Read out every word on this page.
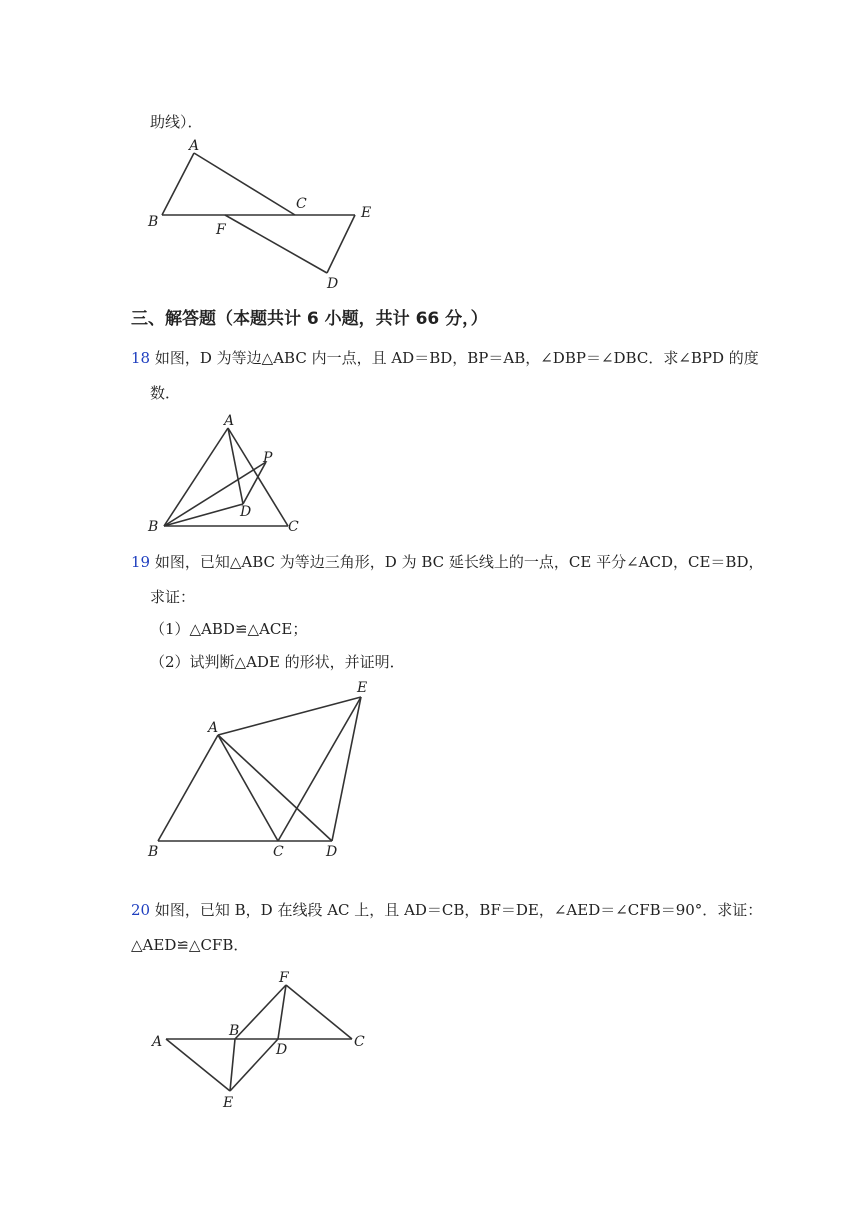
助线）．
A
B
C
E
F
D
三、解答题（本题共计 6 小题，共计 66 分，）
18 如图，D 为等边△ABC 内一点，且 AD＝BD，BP＝AB，∠DBP＝∠DBC．求∠BPD 的度
数．
A
P
B
D
C
19 如图，已知△ABC 为等边三角形，D 为 BC 延长线上的一点，CE 平分∠ACD，CE＝BD，
求证：
（1）△ABD≌△ACE；
（2）试判断△ADE 的形状，并证明．
E
A
B	C	D
20 如图，已知 B，D 在线段 AC 上，且 AD＝CB，BF＝DE，∠AED＝∠CFB＝90°．求证：
△AED≌△CFB．
F
A
B
D	C
E
